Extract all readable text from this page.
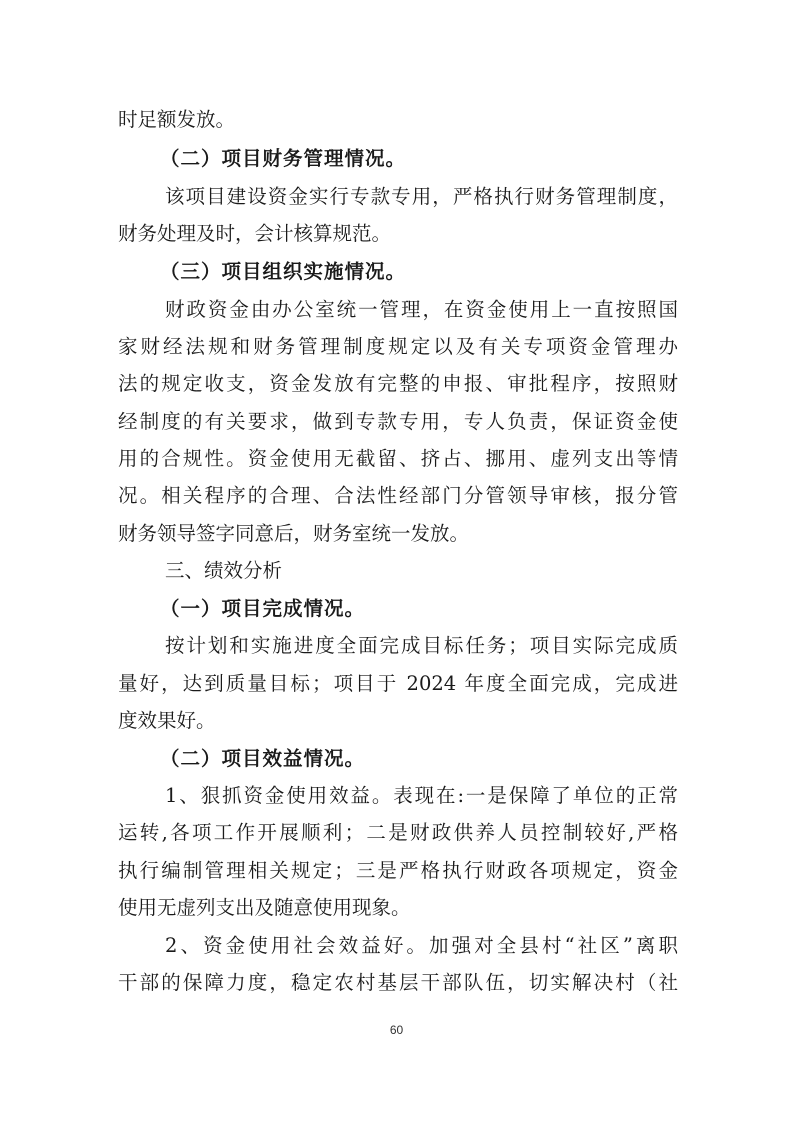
时足额发放。
（二）项目财务管理情况。
该项目建设资金实行专款专用，严格执行财务管理制度，
财务处理及时，会计核算规范。
（三）项目组织实施情况。
财政资金由办公室统一管理，在资金使用上一直按照国
家财经法规和财务管理制度规定以及有关专项资金管理办
法的规定收支，资金发放有完整的申报、审批程序，按照财
经制度的有关要求，做到专款专用，专人负责，保证资金使
用的合规性。资金使用无截留、挤占、挪用、虚列支出等情
况。相关程序的合理、合法性经部门分管领导审核，报分管
财务领导签字同意后，财务室统一发放。
三、绩效分析
（一）项目完成情况。
按计划和实施进度全面完成目标任务；项目实际完成质
量好，达到质量目标；项目于 2024 年度全面完成，完成进
度效果好。
（二）项目效益情况。
1、狠抓资金使用效益。表现在:一是保障了单位的正常
运转,各项工作开展顺利；二是财政供养人员控制较好,严格
执行编制管理相关规定；三是严格执行财政各项规定，资金
使用无虚列支出及随意使用现象。
2、资金使用社会效益好。加强对全县村“社区”离职
干部的保障力度，稳定农村基层干部队伍，切实解决村（社
60
